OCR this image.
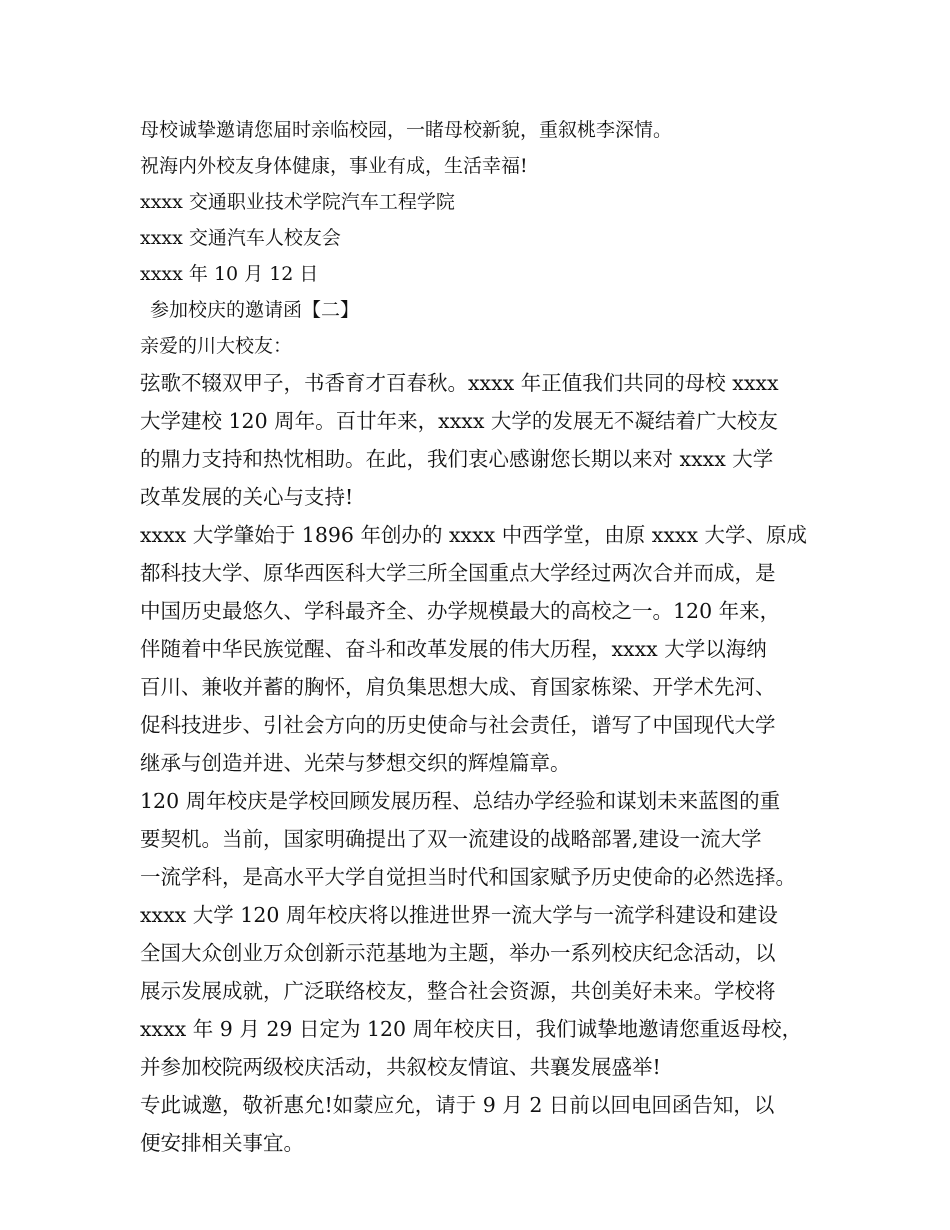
母校诚挚邀请您届时亲临校园，一睹母校新貌，重叙桃李深情。
祝海内外校友身体健康，事业有成，生活幸福!
xxxx 交通职业技术学院汽车工程学院
xxxx 交通汽车人校友会
xxxx 年 10 月 12 日
参加校庆的邀请函【二】
亲爱的川大校友：
弦歌不辍双甲子，书香育才百春秋。xxxx 年正值我们共同的母校 xxxx
大学建校 120 周年。百廿年来，xxxx 大学的发展无不凝结着广大校友
的鼎力支持和热忱相助。在此，我们衷心感谢您长期以来对 xxxx 大学
改革发展的关心与支持!
xxxx 大学肇始于 1896 年创办的 xxxx 中西学堂，由原 xxxx 大学、原成
都科技大学、原华西医科大学三所全国重点大学经过两次合并而成，是
中国历史最悠久、学科最齐全、办学规模最大的高校之一。120 年来，
伴随着中华民族觉醒、奋斗和改革发展的伟大历程，xxxx 大学以海纳
百川、兼收并蓄的胸怀，肩负集思想大成、育国家栋梁、开学术先河、
促科技进步、引社会方向的历史使命与社会责任，谱写了中国现代大学
继承与创造并进、光荣与梦想交织的辉煌篇章。
120 周年校庆是学校回顾发展历程、总结办学经验和谋划未来蓝图的重
要契机。当前，国家明确提出了双一流建设的战略部署,建设一流大学
一流学科，是高水平大学自觉担当时代和国家赋予历史使命的必然选择。
xxxx 大学 120 周年校庆将以推进世界一流大学与一流学科建设和建设
全国大众创业万众创新示范基地为主题，举办一系列校庆纪念活动，以
展示发展成就，广泛联络校友，整合社会资源，共创美好未来。学校将
xxxx 年 9 月 29 日定为 120 周年校庆日，我们诚挚地邀请您重返母校，
并参加校院两级校庆活动，共叙校友情谊、共襄发展盛举!
专此诚邀，敬祈惠允!如蒙应允，请于 9 月 2 日前以回电回函告知，以
便安排相关事宜。
